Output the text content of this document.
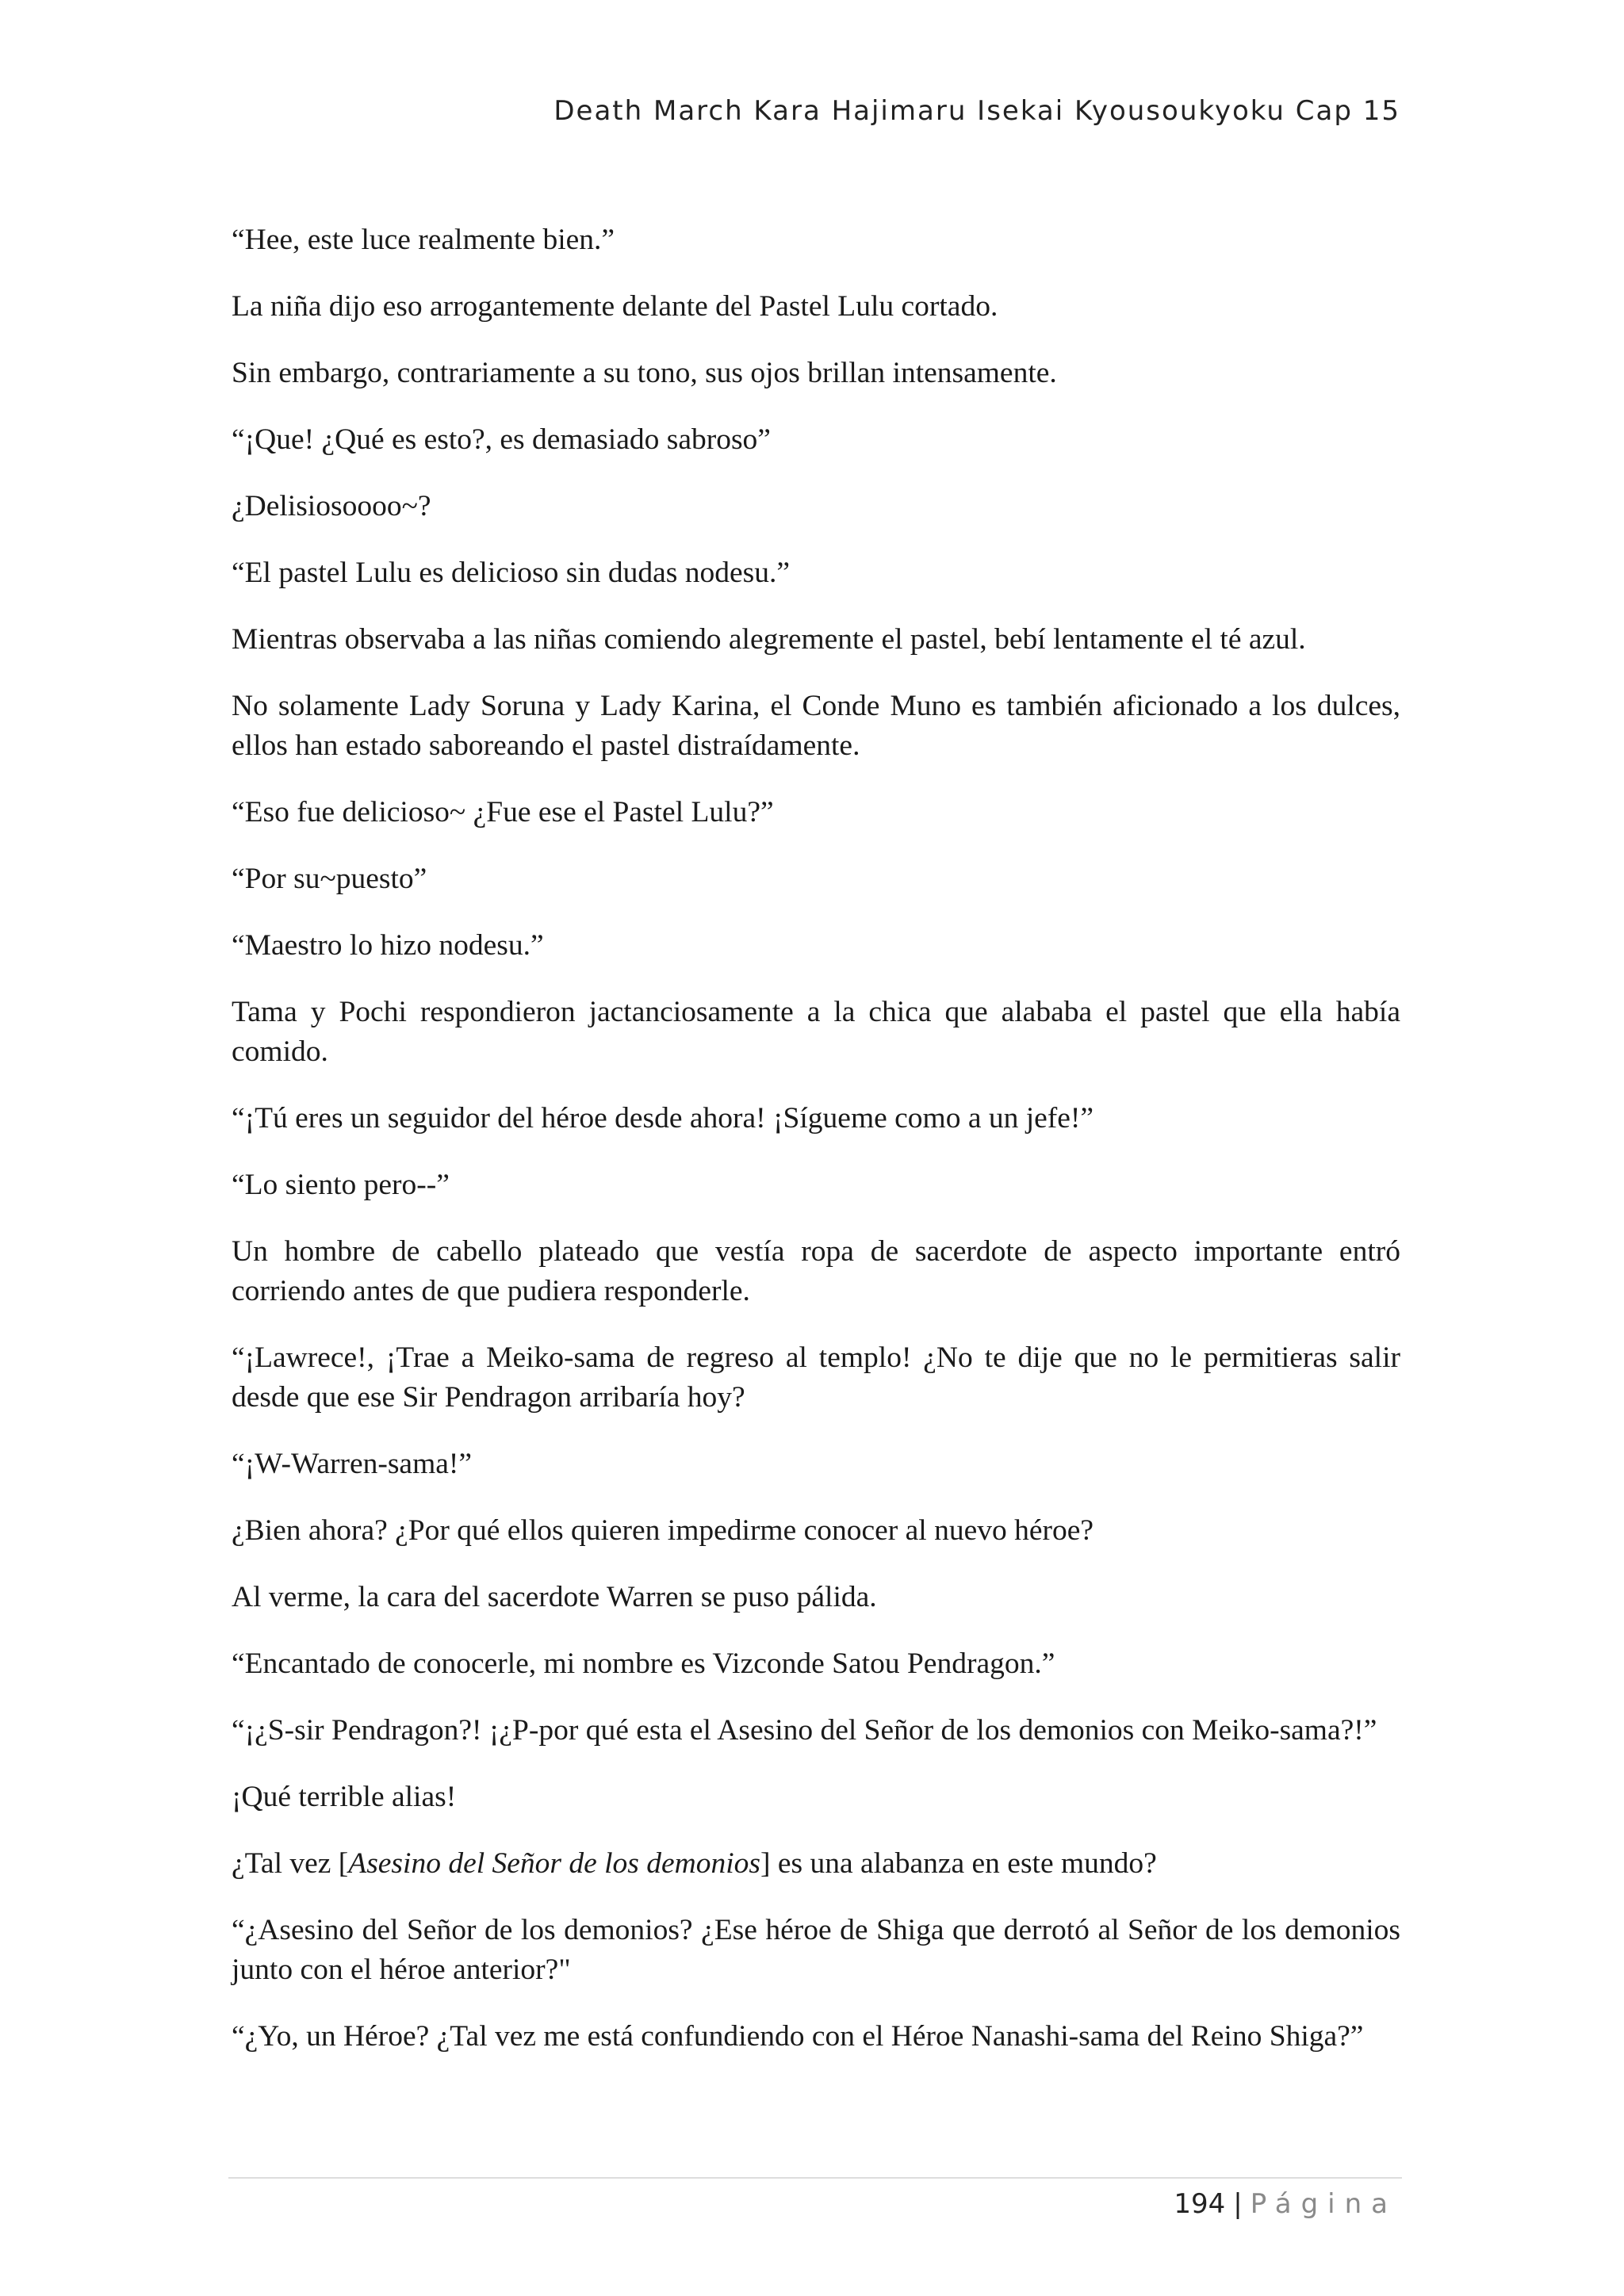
Death March Kara Hajimaru Isekai Kyousoukyoku Cap 15

“Hee, este luce realmente bien.”

La niña dijo eso arrogantemente delante del Pastel Lulu cortado.

Sin embargo, contrariamente a su tono, sus ojos brillan intensamente.

“¡Que! ¿Qué es esto?, es demasiado sabroso”

¿Delisiosoooo~?

“El pastel Lulu es delicioso sin dudas nodesu.”

Mientras observaba a las niñas comiendo alegremente el pastel, bebí lentamente el té azul.

No solamente Lady Soruna y Lady Karina, el Conde Muno es también aficionado a los dulces, ellos han estado saboreando el pastel distraídamente.

“Eso fue delicioso~ ¿Fue ese el Pastel Lulu?”

“Por su~puesto”

“Maestro lo hizo nodesu.”

Tama y Pochi respondieron jactanciosamente a la chica que alababa el pastel que ella había comido.

“¡Tú eres un seguidor del héroe desde ahora! ¡Sígueme como a un jefe!”

“Lo siento pero--”

Un hombre de cabello plateado que vestía ropa de sacerdote de aspecto importante entró corriendo antes de que pudiera responderle.

“¡Lawrece!, ¡Trae a Meiko-sama de regreso al templo! ¿No te dije que no le permitieras salir desde que ese Sir Pendragon arribaría hoy?

“¡W-Warren-sama!”

¿Bien ahora? ¿Por qué ellos quieren impedirme conocer al nuevo héroe?

Al verme, la cara del sacerdote Warren se puso pálida.

“Encantado de conocerle, mi nombre es Vizconde Satou Pendragon.”

“¡¿S-sir Pendragon?! ¡¿P-por qué esta el Asesino del Señor de los demonios con Meiko-sama?!”

¡Qué terrible alias!

¿Tal vez [Asesino del Señor de los demonios] es una alabanza en este mundo?

“¿Asesino del Señor de los demonios? ¿Ese héroe de Shiga que derrotó al Señor de los demonios junto con el héroe anterior?"

“¿Yo, un Héroe? ¿Tal vez me está confundiendo con el Héroe Nanashi-sama del Reino Shiga?”

194 | Página
